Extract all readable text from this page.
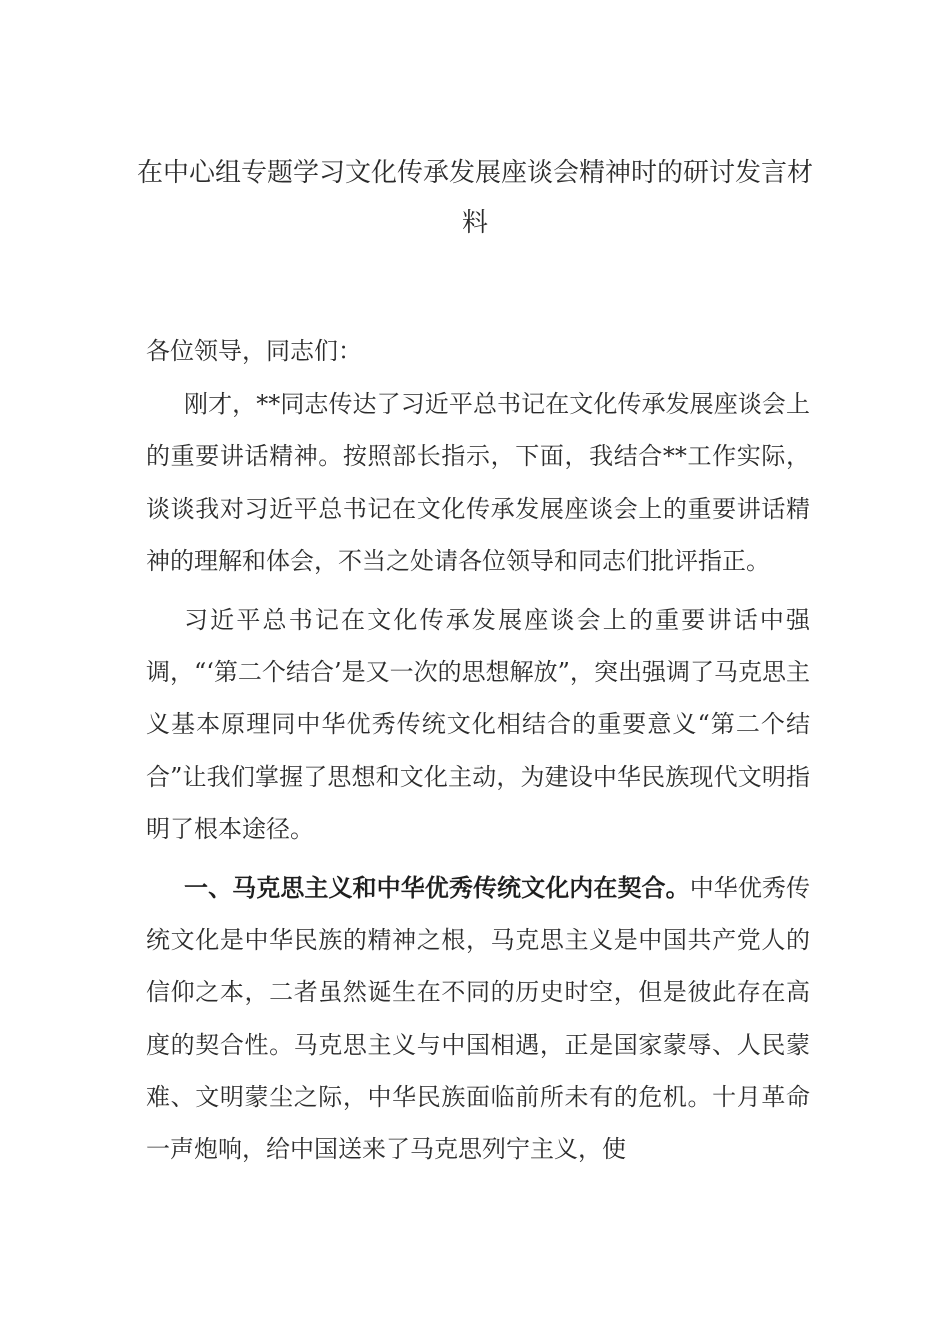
在中心组专题学习文化传承发展座谈会精神时的研讨发言材料

各位领导，同志们：

刚才，**同志传达了习近平总书记在文化传承发展座谈会上的重要讲话精神。按照部长指示，下面，我结合**工作实际，谈谈我对习近平总书记在文化传承发展座谈会上的重要讲话精神的理解和体会，不当之处请各位领导和同志们批评指正。

习近平总书记在文化传承发展座谈会上的重要讲话中强调，“‘第二个结合’是又一次的思想解放”，突出强调了马克思主义基本原理同中华优秀传统文化相结合的重要意义“第二个结合”让我们掌握了思想和文化主动，为建设中华民族现代文明指明了根本途径。

一、马克思主义和中华优秀传统文化内在契合。中华优秀传统文化是中华民族的精神之根，马克思主义是中国共产党人的信仰之本，二者虽然诞生在不同的历史时空，但是彼此存在高度的契合性。马克思主义与中国相遇，正是国家蒙辱、人民蒙难、文明蒙尘之际，中华民族面临前所未有的危机。十月革命一声炮响，给中国送来了马克思列宁主义，使
